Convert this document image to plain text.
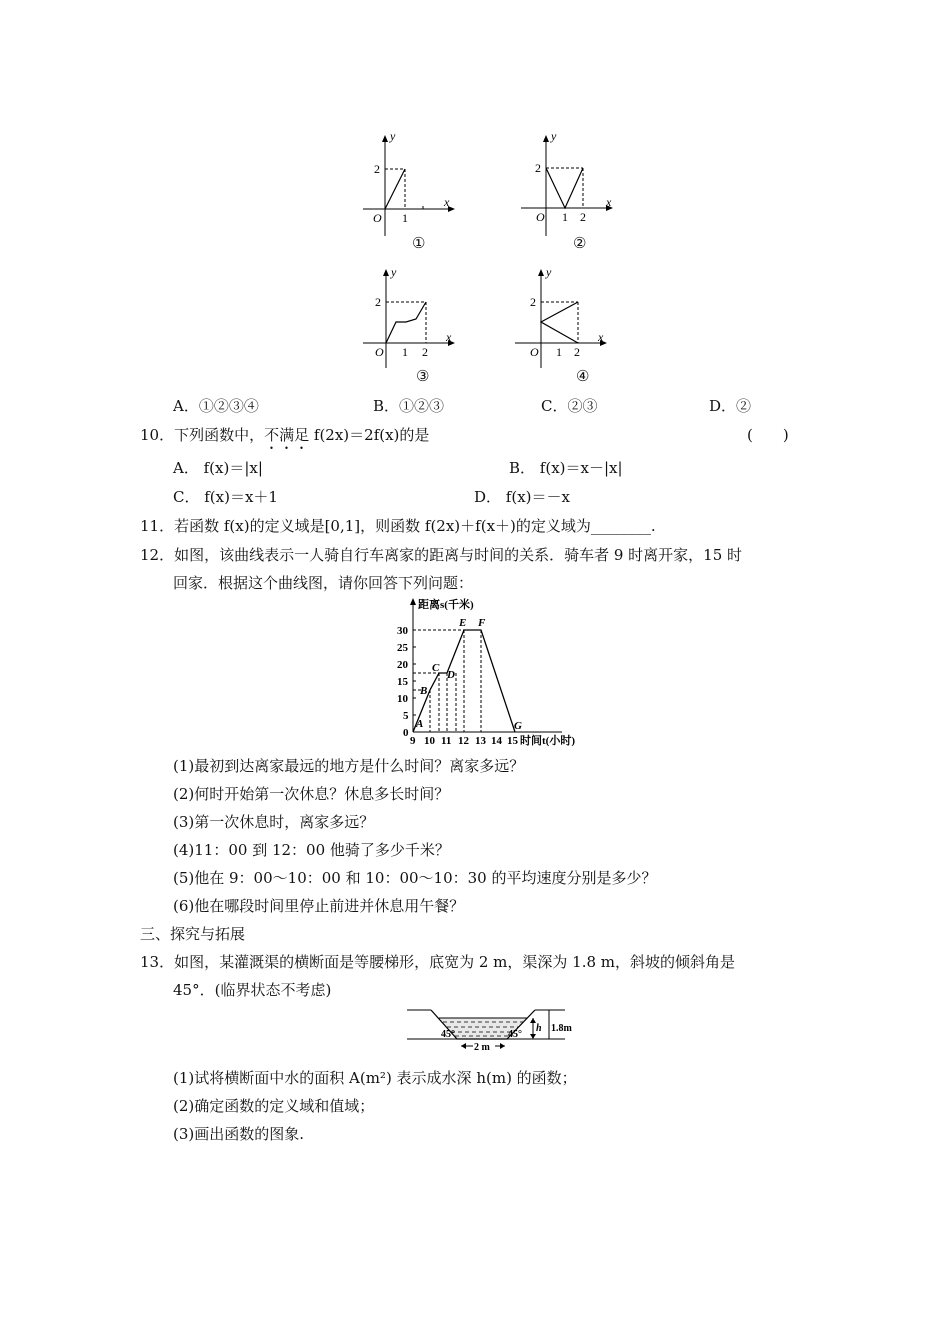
y
x
2
O 1
①
y
x
2
O 1 2
②
y
x
2
O 1 2
③
y
x
2
O 1 2
④
A．①②③④	B．①②③	C．②③	D．②
10．下列函数中，不满足 f(2x)＝2f(x)的是	(　　)
A． f(x)＝|x|	B． f(x)＝x－|x|
C． f(x)＝x＋1	D． f(x)＝－x
11．若函数 f(x)的定义域是[0,1]，则函数 f(2x)＋f(x＋)的定义域为________.
12．如图，该曲线表示一人骑自行车离家的距离与时间的关系．骑车者 9 时离开家，15 时
回家．根据这个曲线图，请你回答下列问题：
距离s(千米)
时间t(小时)
30
25
20
15
10
5
0
9 10 11 12 13 14 15
A
B
C
D
E F
G
(1)最初到达离家最远的地方是什么时间？离家多远？
(2)何时开始第一次休息？休息多长时间？
(3)第一次休息时，离家多远？
(4)11：00 到 12：00 他骑了多少千米？
(5)他在 9：00～10：00 和 10：00～10：30 的平均速度分别是多少？
(6)他在哪段时间里停止前进并休息用午餐？
三、探究与拓展
13．如图，某灌溉渠的横断面是等腰梯形，底宽为 2 m，渠深为 1.8 m，斜坡的倾斜角是
45°．(临界状态不考虑)
h 1.8m
45°	45°
2 m
(1)试将横断面中水的面积 A(m²) 表示成水深 h(m) 的函数；
(2)确定函数的定义域和值域；
(3)画出函数的图象.
